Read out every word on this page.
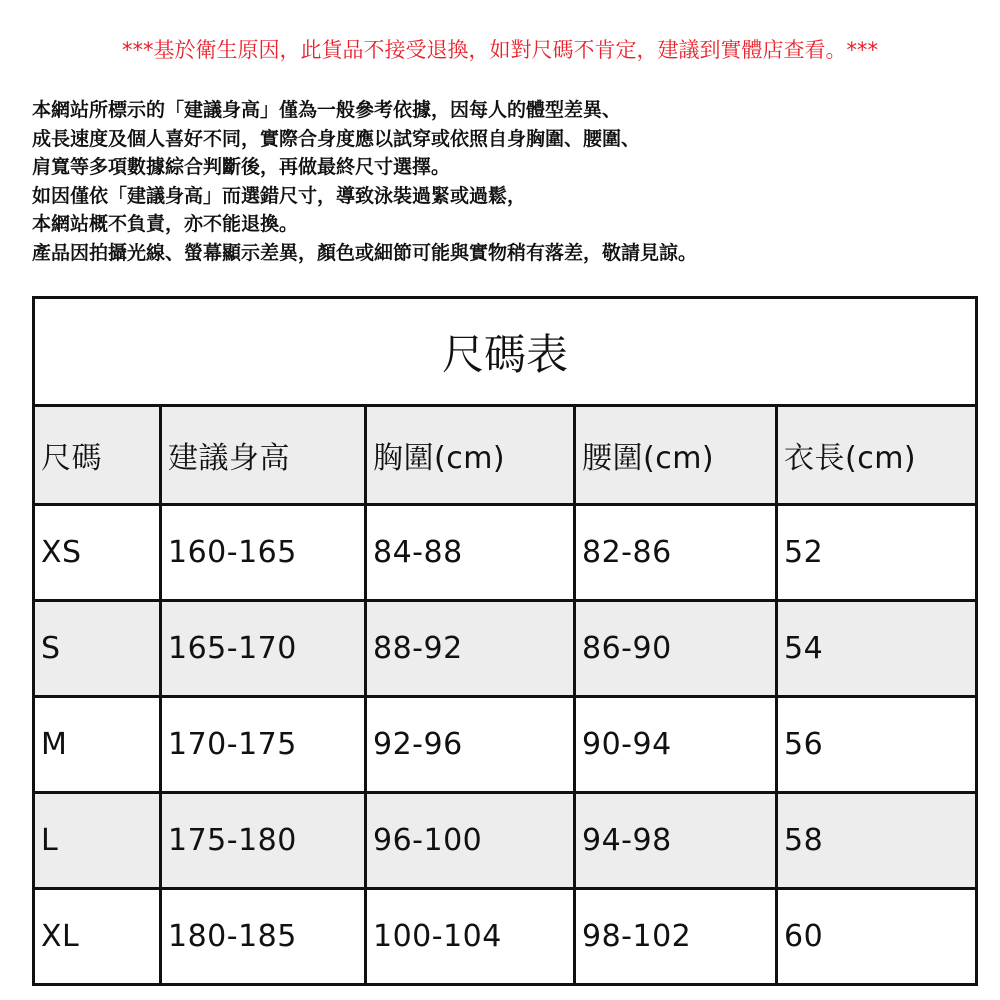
***基於衛生原因，此貨品不接受退換，如對尺碼不肯定，建議到實體店查看。***
本網站所標示的「建議身高」僅為一般參考依據，因每人的體型差異、
成長速度及個人喜好不同，實際合身度應以試穿或依照自身胸圍、腰圍、
肩寬等多項數據綜合判斷後，再做最終尺寸選擇。
如因僅依「建議身高」而選錯尺寸，導致泳裝過緊或過鬆，
本網站概不負責，亦不能退換。
產品因拍攝光線、螢幕顯示差異，顏色或細節可能與實物稍有落差，敬請見諒。
尺碼表
尺碼	建議身高	胸圍(cm)	腰圍(cm)	衣長(cm)
XS	160-165	84-88	82-86	52
S	165-170	88-92	86-90	54
M	170-175	92-96	90-94	56
L	175-180	96-100	94-98	58
XL	180-185	100-104	98-102	60
